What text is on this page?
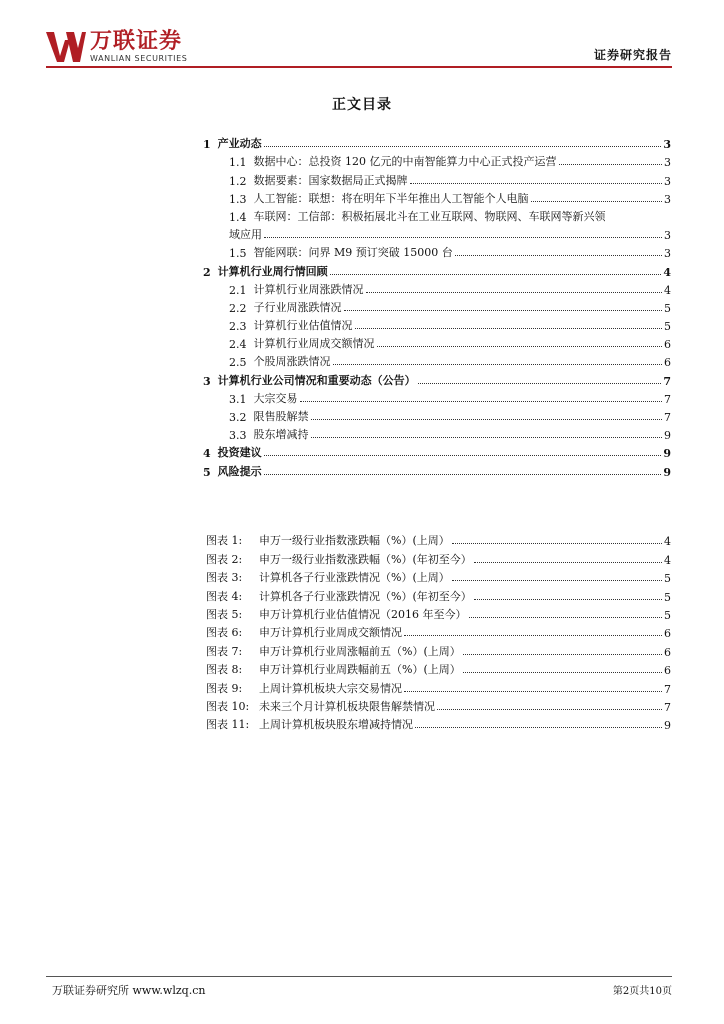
万联证券
WANLIAN SECURITIES	证券研究报告
正文目录
1 产业动态	3
1.1 数据中心：总投资 120 亿元的中南智能算力中心正式投产运营	3
1.2 数据要素：国家数据局正式揭牌	3
1.3 人工智能：联想：将在明年下半年推出人工智能个人电脑	3
1.4 车联网：工信部：积极拓展北斗在工业互联网、物联网、车联网等新兴领
域应用	3
1.5 智能网联：问界 M9 预订突破 15000 台	3
2 计算机行业周行情回顾	4
2.1 计算机行业周涨跌情况	4
2.2 子行业周涨跌情况	5
2.3 计算机行业估值情况	5
2.4 计算机行业周成交额情况	6
2.5 个股周涨跌情况	6
3 计算机行业公司情况和重要动态（公告）	7
3.1 大宗交易	7
3.2 限售股解禁	7
3.3 股东增减持	9
4 投资建议	9
5 风险提示	9
图表 1:	申万一级行业指数涨跌幅（%）(上周）	4
图表 2:	申万一级行业指数涨跌幅（%）(年初至今）	4
图表 3:	计算机各子行业涨跌情况（%）(上周）	5
图表 4:	计算机各子行业涨跌情况（%）(年初至今）	5
图表 5:	申万计算机行业估值情况（2016 年至今）	5
图表 6:	申万计算机行业周成交额情况	6
图表 7:	申万计算机行业周涨幅前五（%）(上周）	6
图表 8:	申万计算机行业周跌幅前五（%）(上周）	6
图表 9:	上周计算机板块大宗交易情况	7
图表 10: 未来三个月计算机板块限售解禁情况	7
图表 11: 上周计算机板块股东增减持情况	9
万联证券研究所 www.wlzq.cn	第2页共10页
